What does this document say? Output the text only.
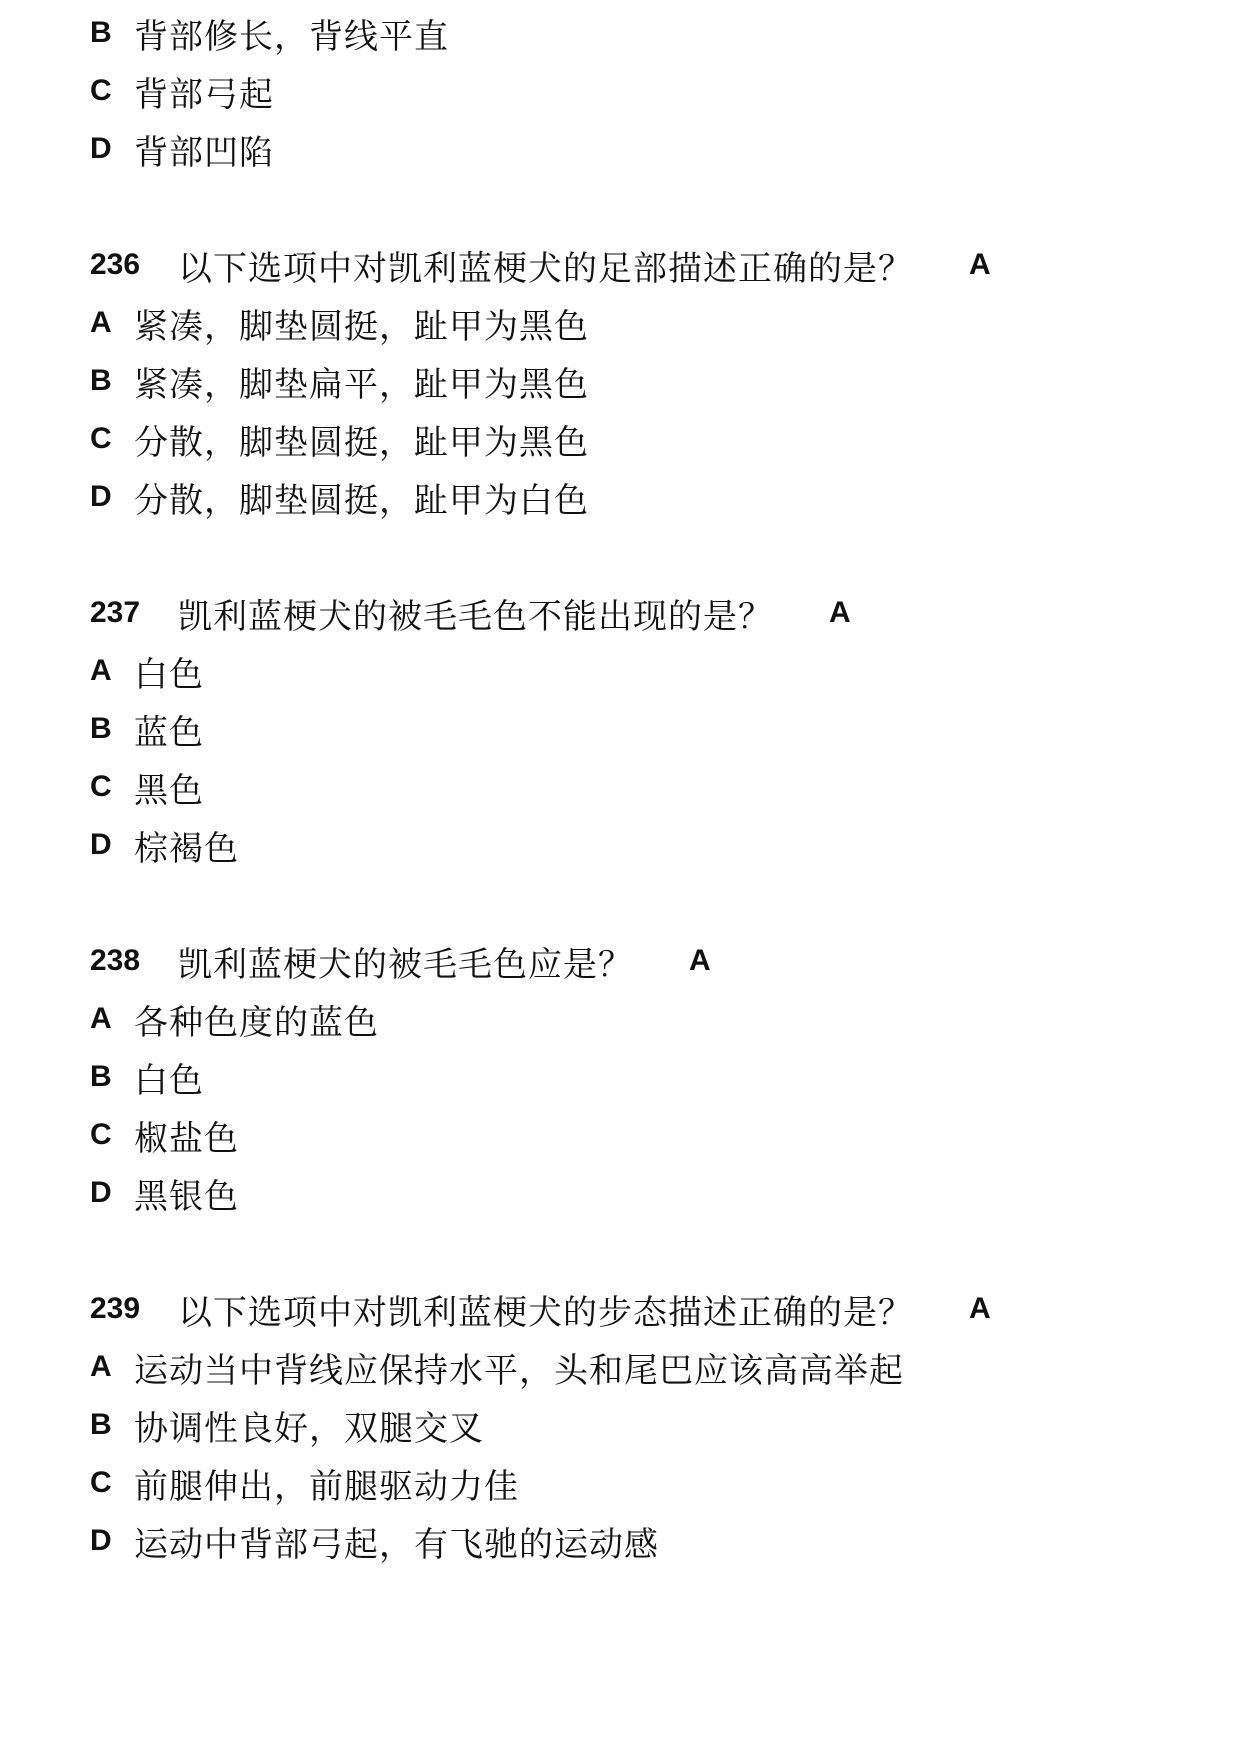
B 背部修长，背线平直
C 背部弓起
D 背部凹陷
236	以下选项中对凯利蓝梗犬的足部描述正确的是？ A
A 紧凑，脚垫圆挺，趾甲为黑色
B 紧凑，脚垫扁平，趾甲为黑色
C 分散，脚垫圆挺，趾甲为黑色
D 分散，脚垫圆挺，趾甲为白色
237	凯利蓝梗犬的被毛毛色不能出现的是？ A
A 白色
B 蓝色
C 黑色
D 棕褐色
238	凯利蓝梗犬的被毛毛色应是？ A
A 各种色度的蓝色
B 白色
C 椒盐色
D 黑银色
239	以下选项中对凯利蓝梗犬的步态描述正确的是？ A
A 运动当中背线应保持水平，头和尾巴应该高高举起
B 协调性良好，双腿交叉
C 前腿伸出，前腿驱动力佳
D 运动中背部弓起，有飞驰的运动感
